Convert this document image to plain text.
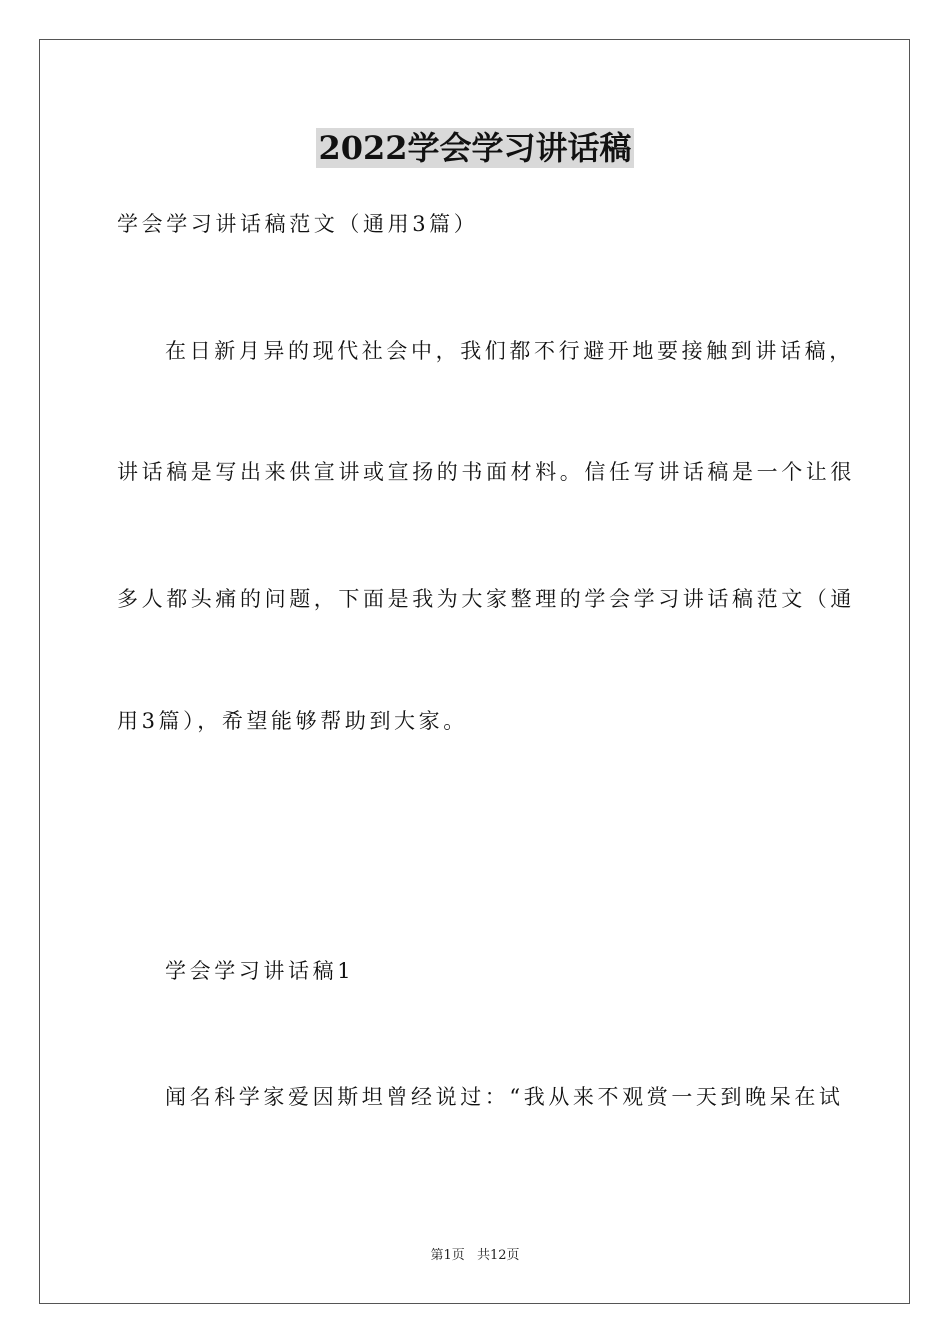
2022学会学习讲话稿
学会学习讲话稿范文（通用3篇）
在日新月异的现代社会中，我们都不行避开地要接触到讲话稿，
讲话稿是写出来供宣讲或宣扬的书面材料。信任写讲话稿是一个让很
多人都头痛的问题，下面是我为大家整理的学会学习讲话稿范文（通
用3篇），希望能够帮助到大家。
学会学习讲话稿1
闻名科学家爱因斯坦曾经说过：“我从来不观赏一天到晚呆在试
第1页 共12页
